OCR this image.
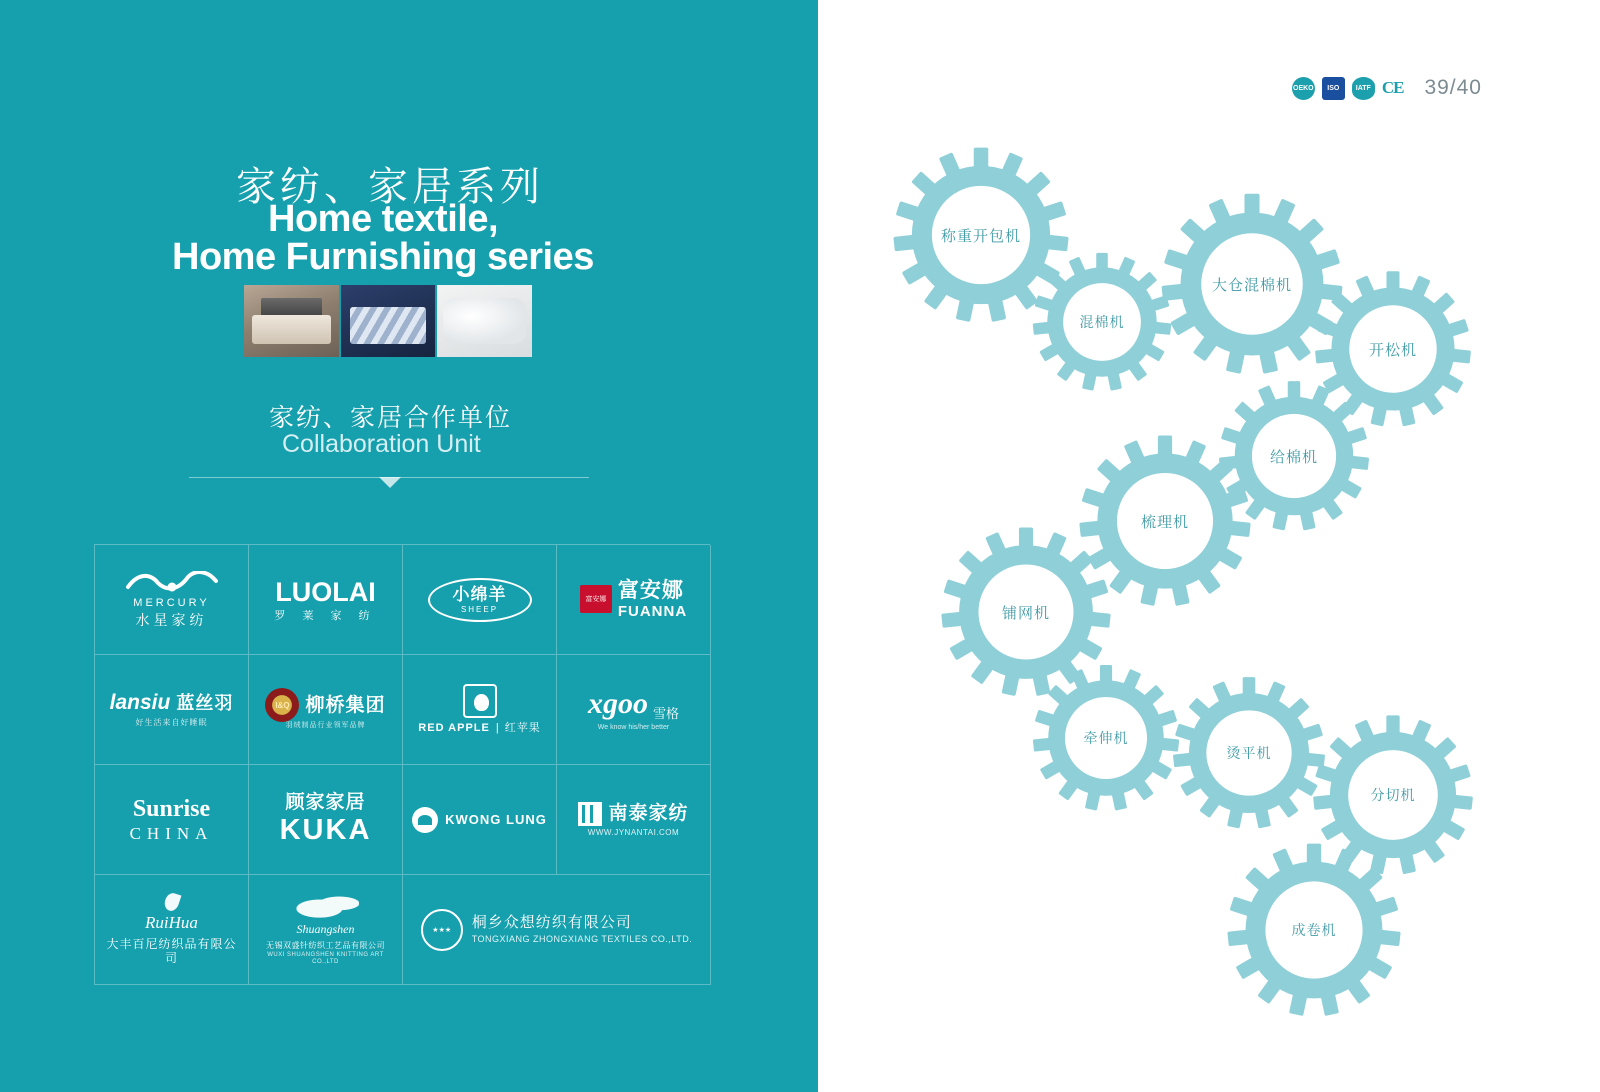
家纺、家居系列
Home textile,
Home Furnishing series
家纺、家居合作单位
Collaboration Unit
MERCURY
水星家纺
LUOLAI
罗 莱 家 纺
小绵羊
SHEEP
富安娜 富安娜
FUANNA
lansiu 蓝丝羽
好生活来自好睡眠
I&Q 柳桥集团
羽绒制品行业领军品牌	RED APPLE | 红苹果
xgoo 雪格
We know his/her better
Sunrise
CHINA
顾家家居
KUKA	KWONG LUNG	南泰家纺
WWW.JYNANTAI.COM
RuiHua
大丰百尼纺织品有限公司
Shuangshen
无锡双盛针纺织工艺品有限公司
WUXI SHUANGSHEN KNITTING ART CO.,LTD
★★★	桐乡众想纺织有限公司
TONGXIANG ZHONGXIANG TEXTILES CO.,LTD.
OEKO	ISO	IATF CE 39/40
称重开包机
混棉机
大仓混棉机
开松机
给棉机
梳理机
铺网机
牵伸机
烫平机
分切机
成卷机
